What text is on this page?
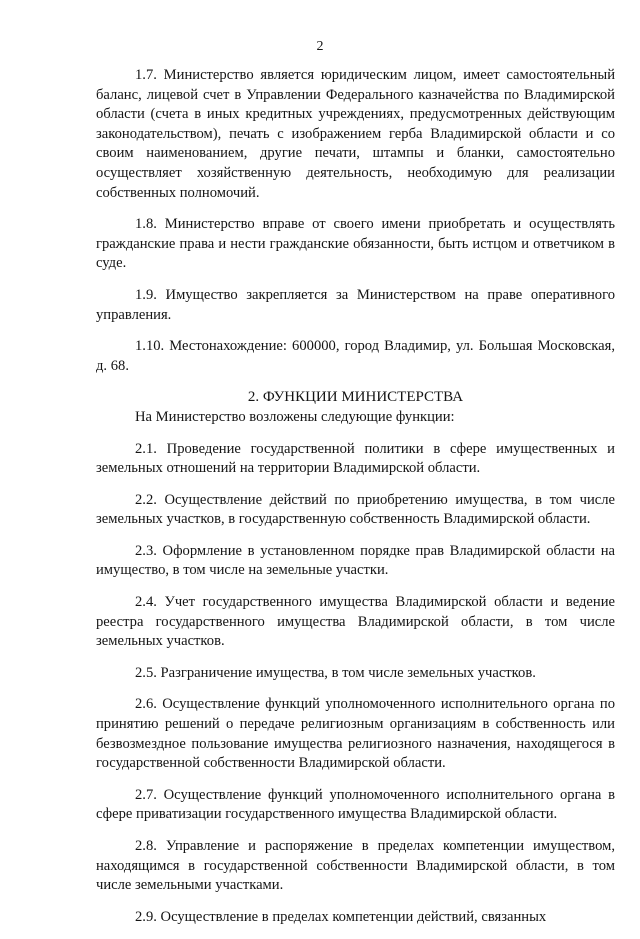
2

1.7. Министерство является юридическим лицом, имеет самостоятельный баланс, лицевой счет в Управлении Федерального казначейства по Владимирской области (счета в иных кредитных учреждениях, предусмотренных действующим законодательством), печать с изображением герба Владимирской области и со своим наименованием, другие печати, штампы и бланки, самостоятельно осуществляет хозяйственную деятельность, необходимую для реализации собственных полномочий.

1.8. Министерство вправе от своего имени приобретать и осуществлять гражданские права и нести гражданские обязанности, быть истцом и ответчиком в суде.

1.9. Имущество закрепляется за Министерством на праве оперативного управления.

1.10. Местонахождение: 600000, город Владимир, ул. Большая Московская, д. 68.

2. ФУНКЦИИ МИНИСТЕРСТВА

На Министерство возложены следующие функции:

2.1. Проведение государственной политики в сфере имущественных и земельных отношений на территории Владимирской области.

2.2. Осуществление действий по приобретению имущества, в том числе земельных участков, в государственную собственность Владимирской области.

2.3. Оформление в установленном порядке прав Владимирской области на имущество, в том числе на земельные участки.

2.4. Учет государственного имущества Владимирской области и ведение реестра государственного имущества Владимирской области, в том числе земельных участков.

2.5. Разграничение имущества, в том числе земельных участков.

2.6. Осуществление функций уполномоченного исполнительного органа по принятию решений о передаче религиозным организациям в собственность или безвозмездное пользование имущества религиозного назначения, находящегося в государственной собственности Владимирской области.

2.7. Осуществление функций уполномоченного исполнительного органа в сфере приватизации государственного имущества Владимирской области.

2.8. Управление и распоряжение в пределах компетенции имуществом, находящимся в государственной собственности Владимирской области, в том числе земельными участками.

2.9. Осуществление в пределах компетенции действий, связанных
